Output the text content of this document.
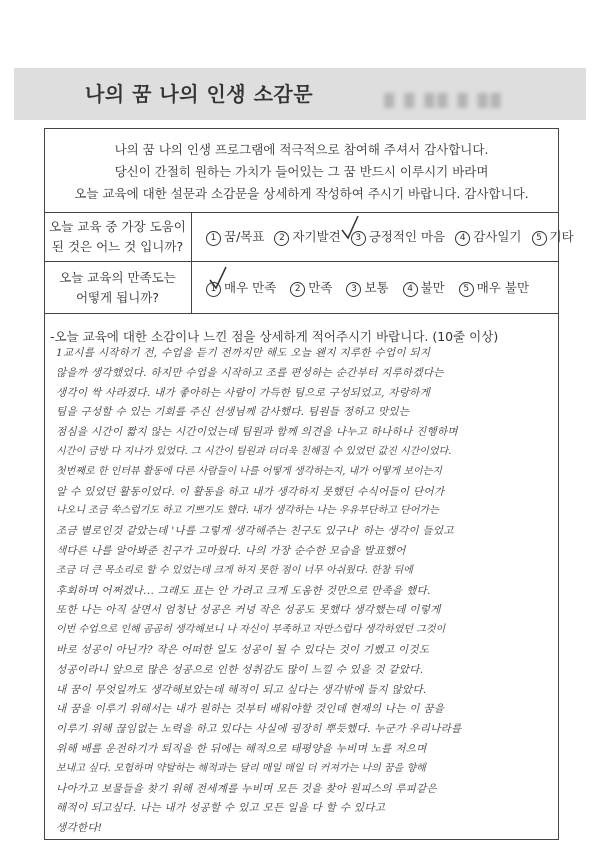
나의 꿈 나의 인생 소감문	▓ ▓ ▓▓ ▓ ▓▓
나의 꿈 나의 인생 프로그램에 적극적으로 참여해 주셔서 감사합니다.
당신이 간절히 원하는 가치가 들어있는 그 꿈 반드시 이루시기 바라며
오늘 교육에 대한 설문과 소감문을 상세하게 작성하여 주시기 바랍니다. 감사합니다.
오늘 교육 중 가장 도움이
된 것은 어느 것 입니까?
1 꿈/목표	2 자기발견	3 긍정적인 마음	4 감사일기	5 기타
오늘 교육의 만족도는
어떻게 됩니까?
1 매우 만족	2 만족	3 보통	4 불만	5 매우 불만
-오늘 교육에 대한 소감이나 느낀 점을 상세하게 적어주시기 바랍니다. (10줄 이상)
1교시를 시작하기 전, 수업을 듣기 전까지만 해도 오늘 왠지 지루한 수업이 되지
않을까 생각했었다. 하지만 수업을 시작하고 조를 편성하는 순간부터 지루하겠다는
생각이 싹 사라졌다. 내가 좋아하는 사람이 가득한 팀으로 구성되었고, 자랑하게
팀을 구성할 수 있는 기회를 주신 선생님께 감사했다. 팀원들 정하고 맛있는
점심을 시간이 짧지 않는 시간이었는데 팀원과 함께 의견을 나누고 하나하나 진행하며
시간이 금방 다 지나가 있었다. 그 시간이 팀원과 더더욱 친해질 수 있었던 값진 시간이었다.
첫번째로 한 인터뷰 활동에 다른 사람들이 나를 어떻게 생각하는지, 내가 어떻게 보이는지
알 수 있었던 활동이었다. 이 활동을 하고 내가 생각하지 못했던 수식어들이 단어가
나오니 조금 쑥스럽기도 하고 기쁘기도 했다. 내가 생각하는 나는 우유부단하고 단어가는
조금 별로인것 같았는데 '나를 그렇게 생각해주는 친구도 있구나' 하는 생각이 들었고
색다른 나를 알아봐준 친구가 고마웠다. 나의 가장 순수한 모습을 발표했어
조금 더 큰 목소리로 할 수 있었는데 크게 하지 못한 점이 너무 아쉬웠다. 한참 뒤에
후회하며 어쩌겠나... 그래도 표는 안 가려고 크게 도움한 것만으로 만족을 했다.
또한 나는 아직 살면서 엄청난 성공은 커녕 작은 성공도 못했다 생각했는데 이렇게
이번 수업으로 인해 곰곰히 생각해보니 나 자신이 부족하고 자만스럽다 생각하였던 그것이
바로 성공이 아닌가? 작은 어떠한 일도 성공이 될 수 있다는 것이 기뻤고 이것도
성공이라니 앞으로 많은 성공으로 인한 성취감도 많이 느낄 수 있을 것 같았다.
내 꿈이 무엇일까도 생각해보았는데 해적이 되고 싶다는 생각밖에 들지 않았다.
내 꿈을 이루기 위해서는 내가 원하는 것부터 배워야할 것인데 현재의 나는 이 꿈을
이루기 위해 끊임없는 노력을 하고 있다는 사실에 굉장히 뿌듯했다. 누군가 우리나라를
위해 배를 운전하기가 퇴직을 한 뒤에는 해적으로 태평양을 누비며 노를 저으며
보내고 싶다. 모험하며 약탈하는 해적과는 달리 매일 매일 더 커져가는 나의 꿈을 향해
나아가고 보물들을 찾기 위해 전세계를 누비며 모든 것을 찾아 원피스의 루피같은
해적이 되고싶다. 나는 내가 성공할 수 있고 모든 일을 다 할 수 있다고
생각한다!
